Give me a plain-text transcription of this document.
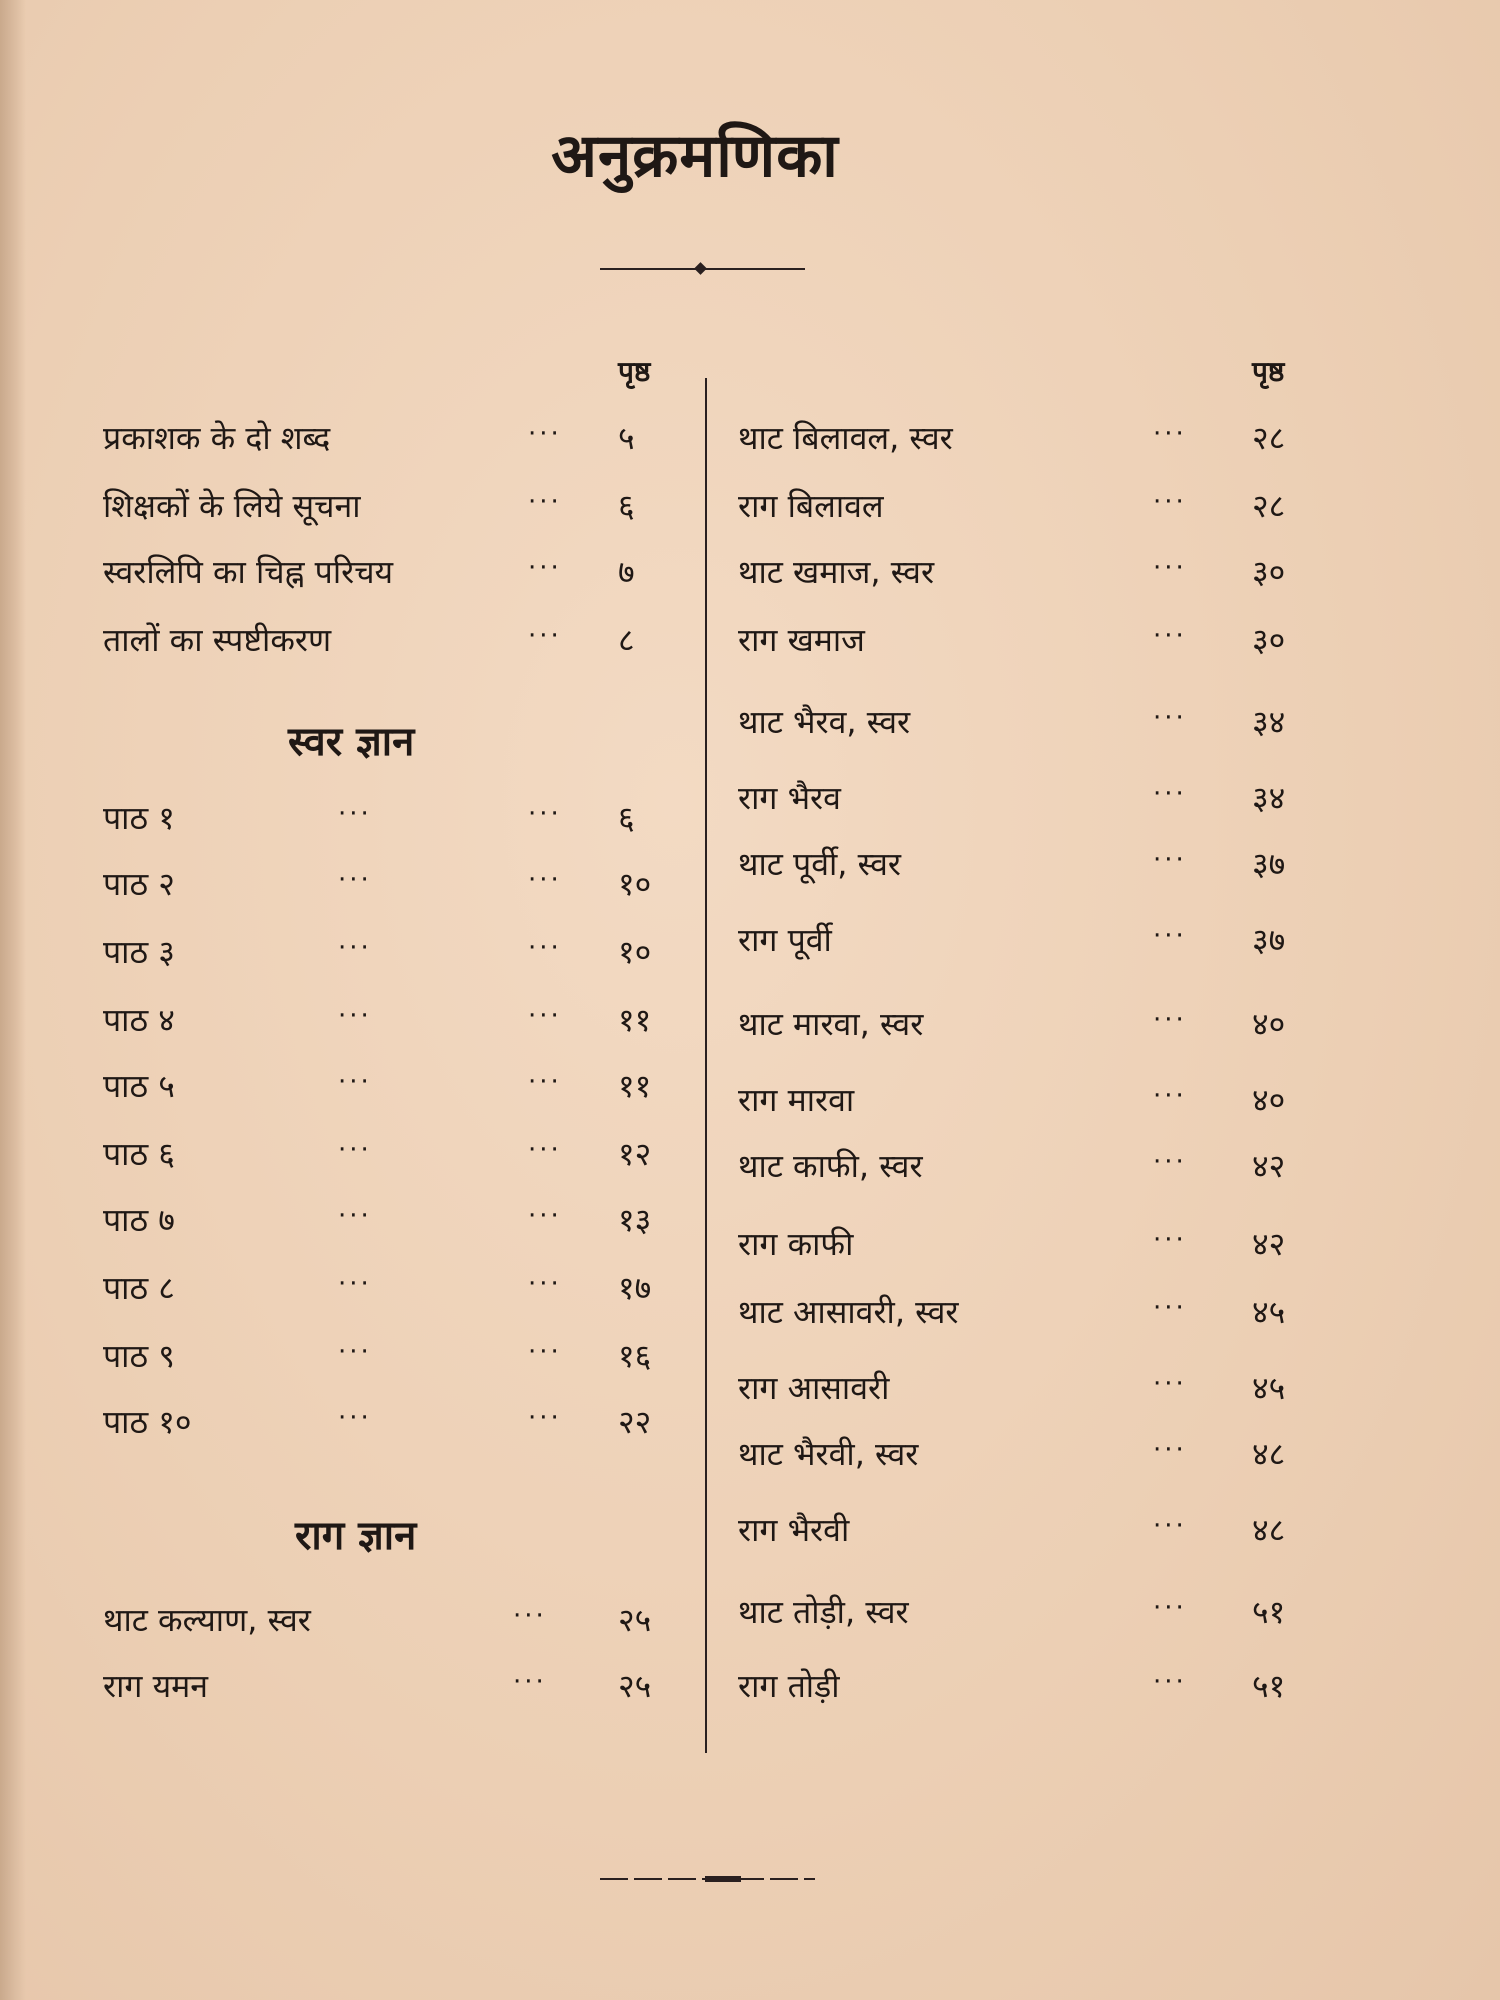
अनुक्रमणिका
पृष्ठ	पृष्ठ
प्रकाशक के दो शब्द	··· ५
शिक्षकों के लिये सूचना	··· ६
स्वरलिपि का चिह्न परिचय	··· ७
तालों का स्पष्टीकरण	··· ८
स्वर ज्ञान
पाठ १	···	··· ६
पाठ २	···	··· १०
पाठ ३	···	··· १०
पाठ ४	···	··· ११
पाठ ५	···	··· ११
पाठ ६	···	··· १२
पाठ ७	···	··· १३
पाठ ८	···	··· १७
पाठ ९	···	··· १६
पाठ १०	···	··· २२
राग ज्ञान
थाट कल्याण, स्वर	··· २५
राग यमन	··· २५
थाट बिलावल, स्वर	··· २८
राग बिलावल	··· २८
थाट खमाज, स्वर	··· ३०
राग खमाज	··· ३०
थाट भैरव, स्वर	··· ३४
राग भैरव	··· ३४
थाट पूर्वी, स्वर	··· ३७
राग पूर्वी	··· ३७
थाट मारवा, स्वर	··· ४०
राग मारवा	··· ४०
थाट काफी, स्वर	··· ४२
राग काफी	··· ४२
थाट आसावरी, स्वर	··· ४५
राग आसावरी	··· ४५
थाट भैरवी, स्वर	··· ४८
राग भैरवी	··· ४८
थाट तोड़ी, स्वर	··· ५१
राग तोड़ी	··· ५१
